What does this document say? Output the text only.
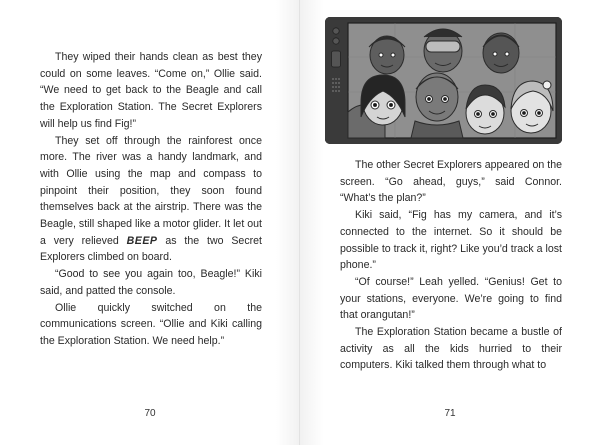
They wiped their hands clean as best they could on some leaves. “Come on,” Ollie said. “We need to get back to the Beagle and call the Exploration Station. The Secret Explorers will help us find Fig!”

They set off through the rainforest once more. The river was a handy landmark, and with Ollie using the map and compass to pinpoint their position, they soon found themselves back at the airstrip. There was the Beagle, still shaped like a motor glider. It let out a very relieved BEEP as the two Secret Explorers climbed on board.

“Good to see you again too, Beagle!” Kiki said, and patted the console.

Ollie quickly switched on the communications screen. “Ollie and Kiki calling the Exploration Station. We need help.”

70

The other Secret Explorers appeared on the screen. “Go ahead, guys,” said Connor. “What’s the plan?”

Kiki said, “Fig has my camera, and it’s connected to the internet. So it should be possible to track it, right? Like you’d track a lost phone.”

“Of course!” Leah yelled. “Genius! Get to your stations, everyone. We’re going to find that orangutan!”

The Exploration Station became a bustle of activity as all the kids hurried to their computers. Kiki talked them through what to

71
